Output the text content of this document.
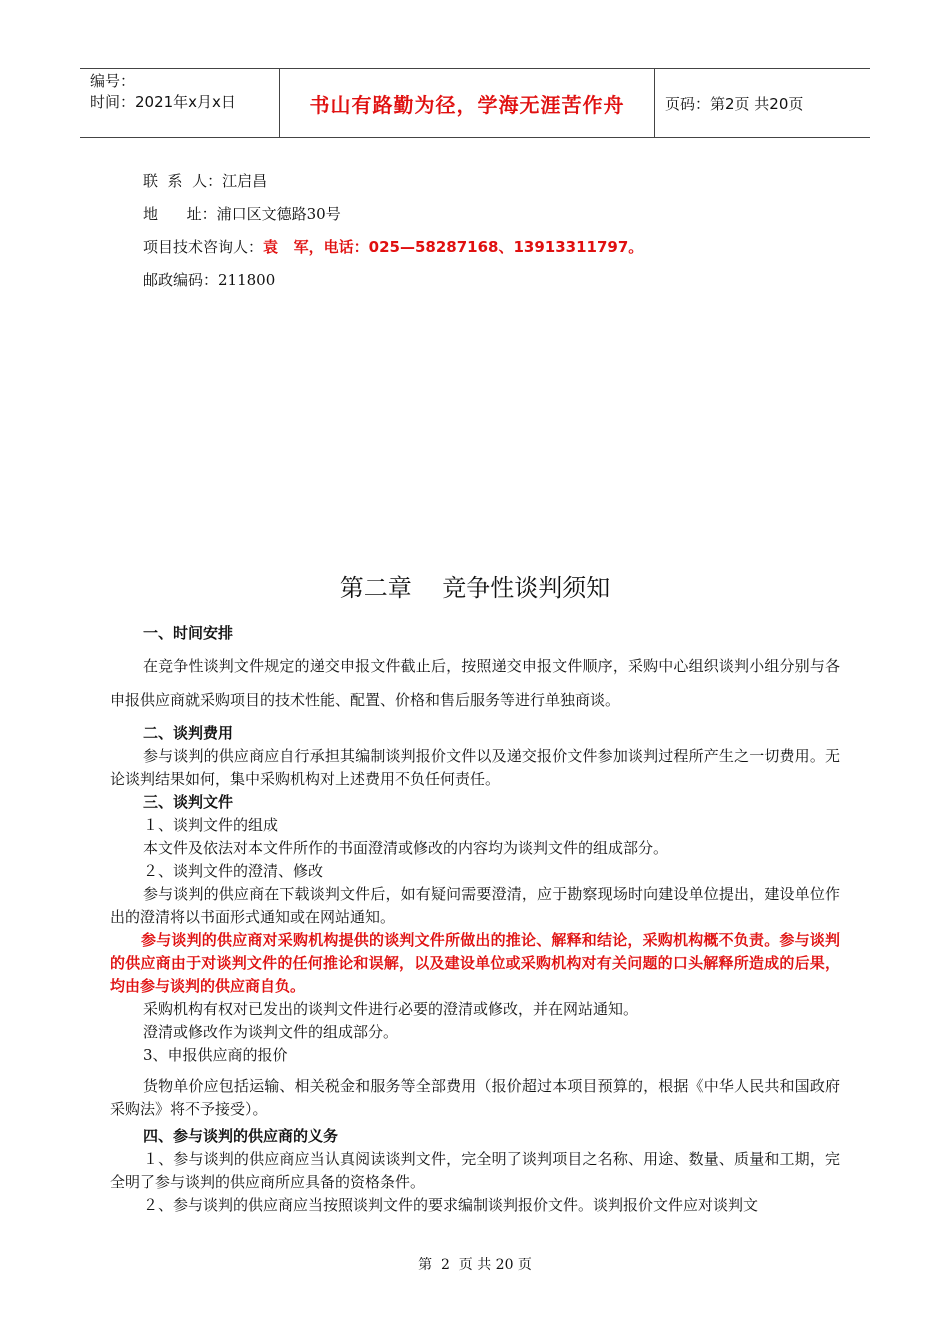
编号：
时间：2021年x月x日	书山有路勤为径，学海无涯苦作舟	页码：第2页 共20页
联  系  人：江启昌
地      址：浦口区文德路30号
项目技术咨询人：袁   军，电话：025—58287168、13913311797。
邮政编码：211800
第二章    竞争性谈判须知
一、时间安排
在竞争性谈判文件规定的递交申报文件截止后，按照递交申报文件顺序，采购中心组织谈判小组分别与各申报供应商就采购项目的技术性能、配置、价格和售后服务等进行单独商谈。
二、谈判费用
参与谈判的供应商应自行承担其编制谈判报价文件以及递交报价文件参加谈判过程所产生之一切费用。无论谈判结果如何，集中采购机构对上述费用不负任何责任。
三、谈判文件
１、谈判文件的组成
本文件及依法对本文件所作的书面澄清或修改的内容均为谈判文件的组成部分。
２、谈判文件的澄清、修改
参与谈判的供应商在下载谈判文件后，如有疑问需要澄清，应于勘察现场时向建设单位提出，建设单位作出的澄清将以书面形式通知或在网站通知。
参与谈判的供应商对采购机构提供的谈判文件所做出的推论、解释和结论，采购机构概不负责。参与谈判的供应商由于对谈判文件的任何推论和误解，以及建设单位或采购机构对有关问题的口头解释所造成的后果，均由参与谈判的供应商自负。
采购机构有权对已发出的谈判文件进行必要的澄清或修改，并在网站通知。
澄清或修改作为谈判文件的组成部分。
3、申报供应商的报价
货物单价应包括运输、相关税金和服务等全部费用（报价超过本项目预算的，根据《中华人民共和国政府采购法》将不予接受）。
四、参与谈判的供应商的义务
１、参与谈判的供应商应当认真阅读谈判文件，完全明了谈判项目之名称、用途、数量、质量和工期，完全明了参与谈判的供应商所应具备的资格条件。
２、参与谈判的供应商应当按照谈判文件的要求编制谈判报价文件。谈判报价文件应对谈判文
第  2  页 共 20 页
